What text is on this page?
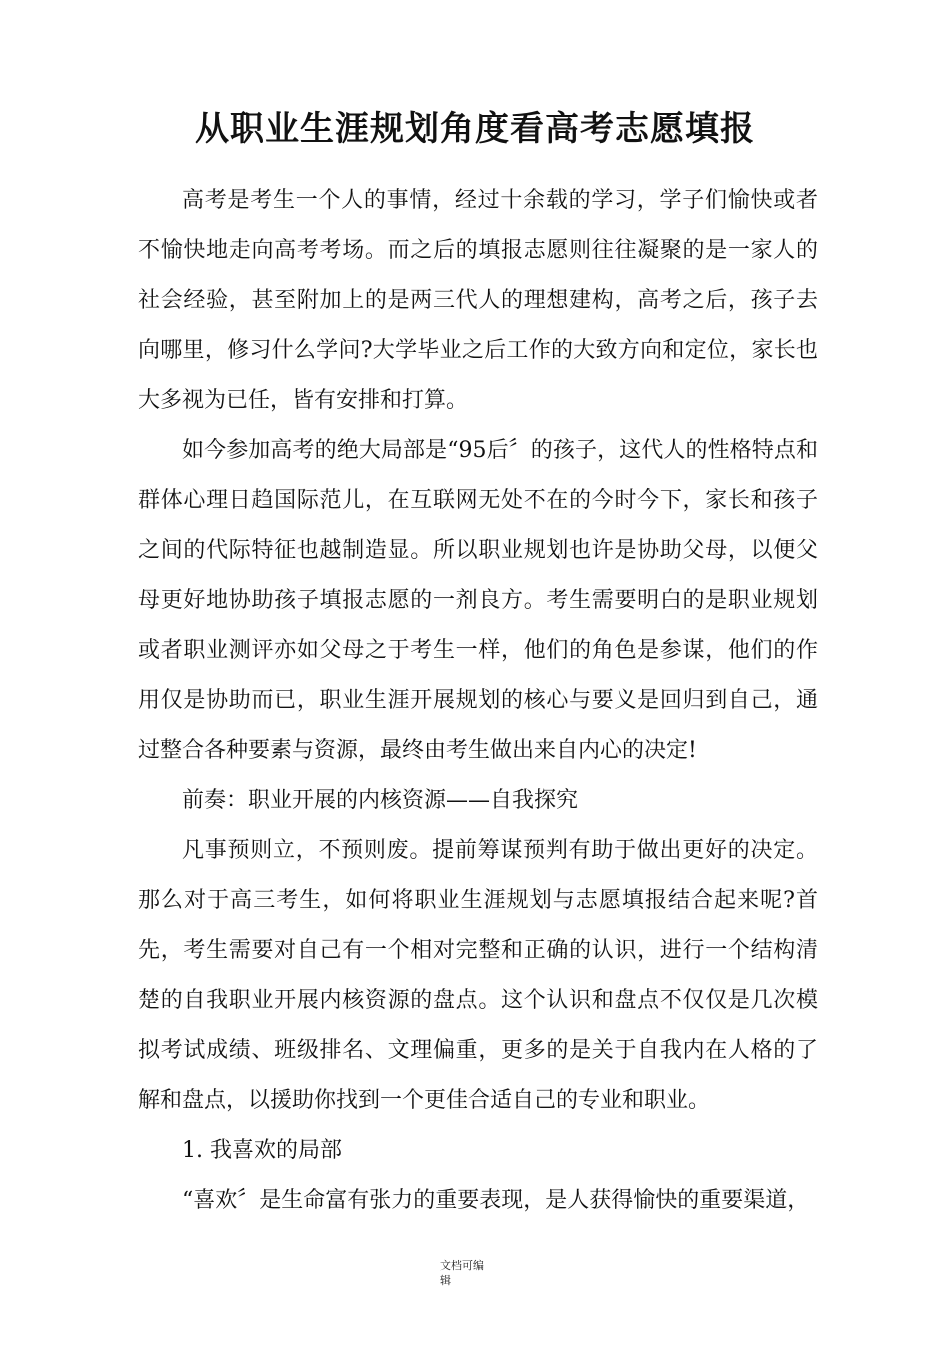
从职业生涯规划角度看高考志愿填报

高考是考生一个人的事情，经过十余载的学习，学子们愉快或者不愉快地走向高考考场。而之后的填报志愿则往往凝聚的是一家人的社会经验，甚至附加上的是两三代人的理想建构，高考之后，孩子去向哪里，修习什么学问?大学毕业之后工作的大致方向和定位，家长也大多视为已任，皆有安排和打算。

如今参加高考的绝大局部是“95后〞的孩子，这代人的性格特点和群体心理日趋国际范儿，在互联网无处不在的今时今下，家长和孩子之间的代际特征也越制造显。所以职业规划也许是协助父母，以便父母更好地协助孩子填报志愿的一剂良方。考生需要明白的是职业规划或者职业测评亦如父母之于考生一样，他们的角色是参谋，他们的作用仅是协助而已，职业生涯开展规划的核心与要义是回归到自己，通过整合各种要素与资源，最终由考生做出来自内心的决定!

前奏：职业开展的内核资源——自我探究

凡事预则立，不预则废。提前筹谋预判有助于做出更好的决定。那么对于高三考生，如何将职业生涯规划与志愿填报结合起来呢?首先，考生需要对自己有一个相对完整和正确的认识，进行一个结构清楚的自我职业开展内核资源的盘点。这个认识和盘点不仅仅是几次模拟考试成绩、班级排名、文理偏重，更多的是关于自我内在人格的了解和盘点，以援助你找到一个更佳合适自己的专业和职业。

1. 我喜欢的局部

“喜欢〞是生命富有张力的重要表现，是人获得愉快的重要渠道，

文档可编
辑
